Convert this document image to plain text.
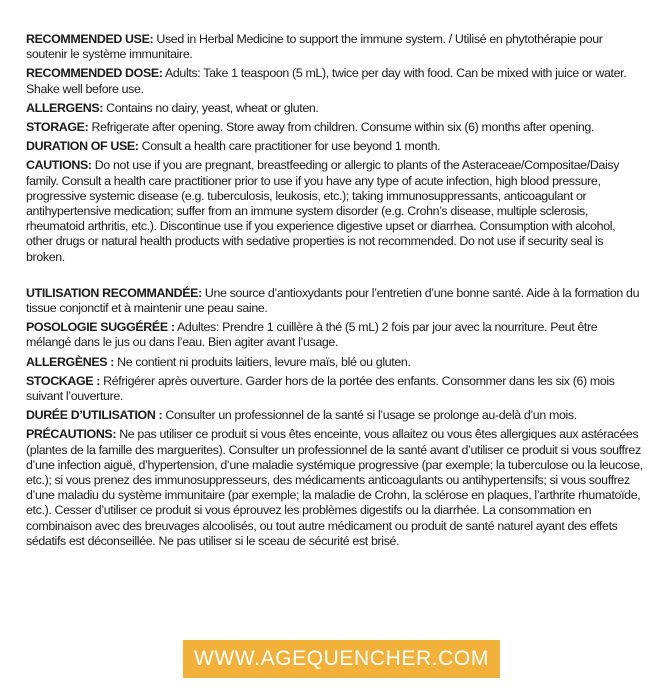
RECOMMENDED USE: Used in Herbal Medicine to support the immune system. / Utilisé en phytothérapie pour soutenir le système immunitaire.

RECOMMENDED DOSE: Adults: Take 1 teaspoon (5 mL), twice per day with food. Can be mixed with juice or water. Shake well before use.

ALLERGENS: Contains no dairy, yeast, wheat or gluten.

STORAGE: Refrigerate after opening. Store away from children. Consume within six (6) months after opening.

DURATION OF USE: Consult a health care practitioner for use beyond 1 month.

CAUTIONS: Do not use if you are pregnant, breastfeeding or allergic to plants of the Asteraceae/Compositae/Daisy family. Consult a health care practitioner prior to use if you have any type of acute infection, high blood pressure, progressive systemic disease (e.g. tuberculosis, leukosis, etc.); taking immunosuppressants, anticoagulant or antihypertensive medication; suffer from an immune system disorder (e.g. Crohn’s disease, multiple sclerosis, rheumatoid arthritis, etc.). Discontinue use if you experience digestive upset or diarrhea. Consumption with alcohol, other drugs or natural health products with sedative properties is not recommended. Do not use if security seal is broken.

UTILISATION RECOMMANDÉE: Une source d’antioxydants pour l’entretien d’une bonne santé. Aide à la formation du tissue conjonctif et à maintenir une peau saine.

POSOLOGIE SUGGÉRÉE : Adultes: Prendre 1 cuillère à thé (5 mL) 2 fois par jour avec la nourriture. Peut être mélangé dans le jus ou dans l’eau. Bien agiter avant l’usage.

ALLERGÈNES : Ne contient ni produits laitiers, levure maïs, blé ou gluten.

STOCKAGE : Réfrigérer après ouverture. Garder hors de la portée des enfants. Consommer dans les six (6) mois suivant l’ouverture.

DURÉE D’UTILISATION : Consulter un professionnel de la santé si l’usage se prolonge au-delà d’un mois.

PRÉCAUTIONS: Ne pas utiliser ce produit si vous êtes enceinte, vous allaitez ou vous êtes allergiques aux astéracées (plantes de la famille des marguerites). Consulter un professionnel de la santé avant d’utiliser ce produit si vous souffrez d’une infection aiguë, d’hypertension, d’une maladie systémique progressive (par exemple; la tuberculose ou la leucose, etc.); si vous prenez des immunosuppresseurs, des médicaments anticoagulants ou antihypertensifs; si vous souffrez d’une maladiu du système immunitaire (par exemple; la maladie de Crohn, la sclérose en plaques, l’arthrite rhumatoïde, etc.). Cesser d’utiliser ce produit si vous éprouvez les problèmes digestifs ou la diarrhée. La consommation en combinaison avec des breuvages alcoolisés, ou tout autre médicament ou produit de santé naturel ayant des effets sédatifs est déconseillée. Ne pas utiliser si le sceau de sécurité est brisé.

WWW.AGEQUENCHER.COM
